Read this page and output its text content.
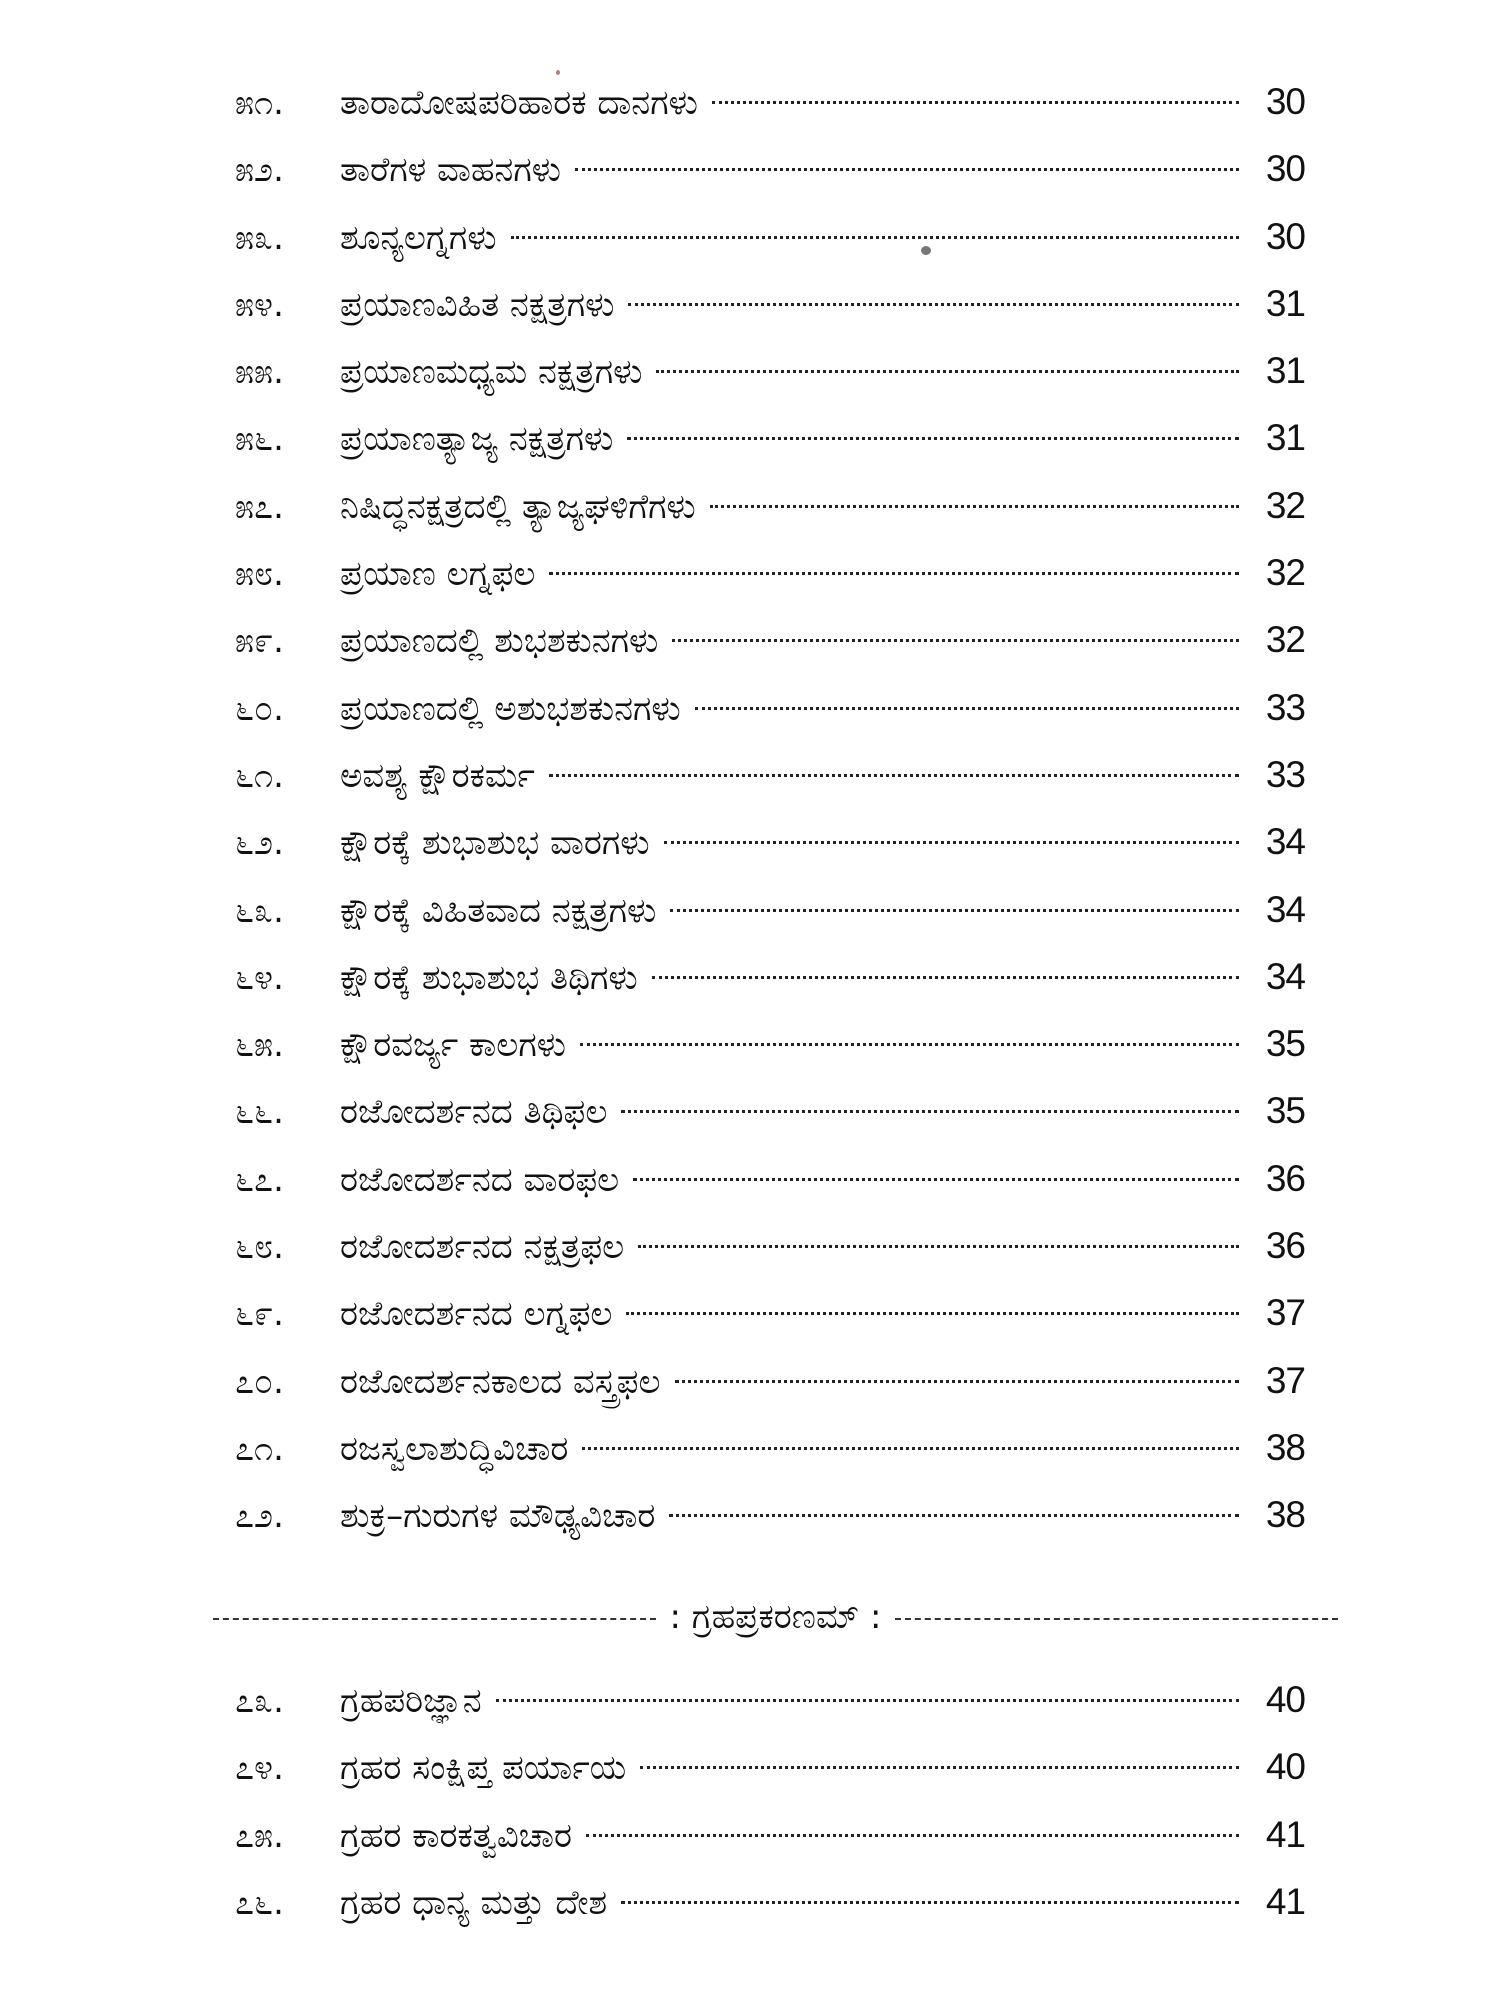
೫೧.	ತಾರಾದೋಷಪರಿಹಾರಕ ದಾನಗಳು	30
೫೨.	ತಾರೆಗಳ ವಾಹನಗಳು	30
೫೩.	ಶೂನ್ಯಲಗ್ನಗಳು	30
೫೪.	ಪ್ರಯಾಣವಿಹಿತ ನಕ್ಷತ್ರಗಳು	31
೫೫.	ಪ್ರಯಾಣಮಧ್ಯಮ ನಕ್ಷತ್ರಗಳು	31
೫೬.	ಪ್ರಯಾಣತ್ಯಾಜ್ಯ ನಕ್ಷತ್ರಗಳು	31
೫೭.	ನಿಷಿದ್ಧನಕ್ಷತ್ರದಲ್ಲಿ ತ್ಯಾಜ್ಯಘಳಿಗೆಗಳು	32
೫೮.	ಪ್ರಯಾಣ ಲಗ್ನಫಲ	32
೫೯.	ಪ್ರಯಾಣದಲ್ಲಿ ಶುಭಶಕುನಗಳು	32
೬೦.	ಪ್ರಯಾಣದಲ್ಲಿ ಅಶುಭಶಕುನಗಳು	33
೬೧.	ಅವಶ್ಯ ಕ್ಷೌರಕರ್ಮ	33
೬೨.	ಕ್ಷೌರಕ್ಕೆ ಶುಭಾಶುಭ ವಾರಗಳು	34
೬೩.	ಕ್ಷೌರಕ್ಕೆ ವಿಹಿತವಾದ ನಕ್ಷತ್ರಗಳು	34
೬೪.	ಕ್ಷೌರಕ್ಕೆ ಶುಭಾಶುಭ ತಿಥಿಗಳು	34
೬೫.	ಕ್ಷೌರವರ್ಜ್ಯ ಕಾಲಗಳು	35
೬೬.	ರಜೋದರ್ಶನದ ತಿಥಿಫಲ	35
೬೭.	ರಜೋದರ್ಶನದ ವಾರಫಲ	36
೬೮.	ರಜೋದರ್ಶನದ ನಕ್ಷತ್ರಫಲ	36
೬೯.	ರಜೋದರ್ಶನದ ಲಗ್ನಫಲ	37
೭೦.	ರಜೋದರ್ಶನಕಾಲದ ವಸ್ತ್ರಫಲ	37
೭೧.	ರಜಸ್ವಲಾಶುದ್ಧಿವಿಚಾರ	38
೭೨.	ಶುಕ್ರ–ಗುರುಗಳ ಮೌಢ್ಯವಿಚಾರ	38
: ಗ್ರಹಪ್ರಕರಣಮ್ :
೭೩.	ಗ್ರಹಪರಿಜ್ಞಾನ	40
೭೪.	ಗ್ರಹರ ಸಂಕ್ಷಿಪ್ತ ಪರ್ಯಾಯ	40
೭೫.	ಗ್ರಹರ ಕಾರಕತ್ವವಿಚಾರ	41
೭೬.	ಗ್ರಹರ ಧಾನ್ಯ ಮತ್ತು ದೇಶ	41
